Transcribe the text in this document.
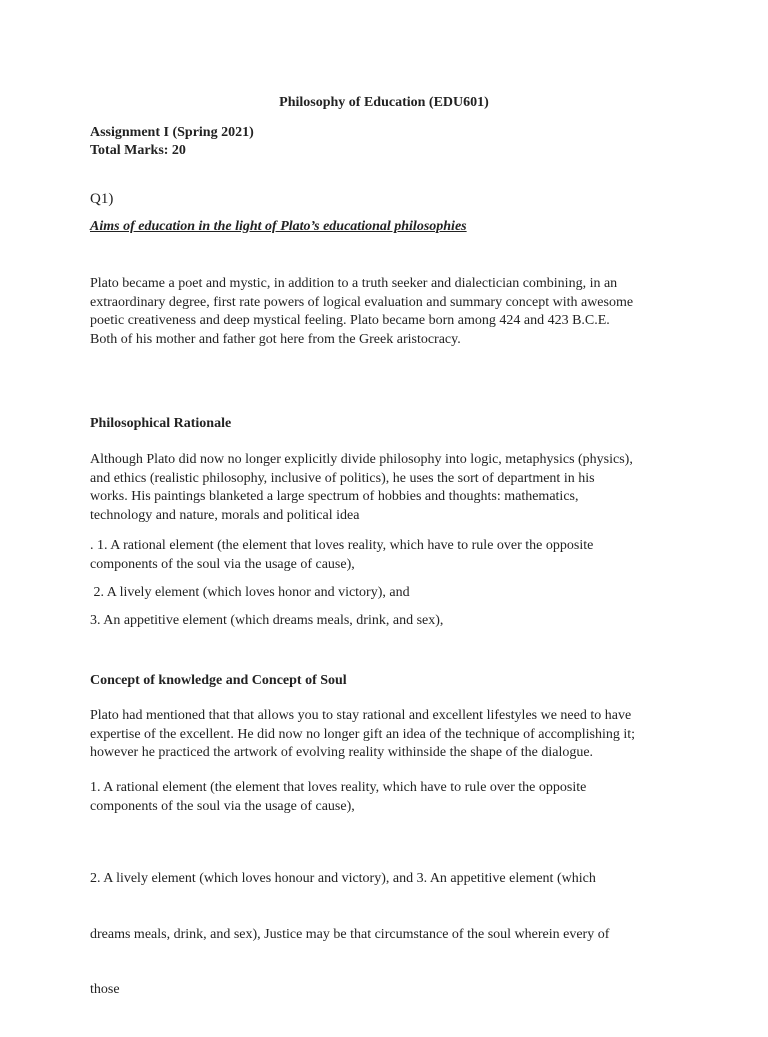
Philosophy of Education (EDU601)
Assignment I (Spring 2021)
Total Marks: 20
Q1)
Aims of education in the light of Plato’s educational philosophies
Plato became a poet and mystic, in addition to a truth seeker and dialectician combining, in an
extraordinary degree, first rate powers of logical evaluation and summary concept with awesome
poetic creativeness and deep mystical feeling. Plato became born among 424 and 423 B.C.E.
Both of his mother and father got here from the Greek aristocracy.
Philosophical Rationale
Although Plato did now no longer explicitly divide philosophy into logic, metaphysics (physics),
and ethics (realistic philosophy, inclusive of politics), he uses the sort of department in his
works. His paintings blanketed a large spectrum of hobbies and thoughts: mathematics,
technology and nature, morals and political idea
. 1. A rational element (the element that loves reality, which have to rule over the opposite
components of the soul via the usage of cause),
2. A lively element (which loves honor and victory), and
3. An appetitive element (which dreams meals, drink, and sex),
Concept of knowledge and Concept of Soul
Plato had mentioned that that allows you to stay rational and excellent lifestyles we need to have
expertise of the excellent. He did now no longer gift an idea of the technique of accomplishing it;
however he practiced the artwork of evolving reality withinside the shape of the dialogue.
1. A rational element (the element that loves reality, which have to rule over the opposite
components of the soul via the usage of cause),

2. A lively element (which loves honour and victory), and 3. An appetitive element (which

dreams meals, drink, and sex), Justice may be that circumstance of the soul wherein every of

those
